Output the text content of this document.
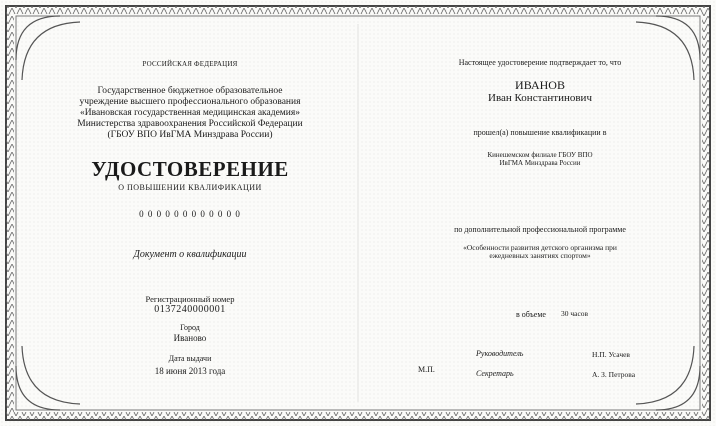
РОССИЙСКАЯ ФЕДЕРАЦИЯ
Государственное бюджетное образовательное
учреждение высшего профессионального образования
«Ивановская государственная медицинская академия»
Министерства здравоохранения Российской Федерации
(ГБОУ ВПО ИвГМА Минздрава России)
УДОСТОВЕРЕНИЕ
О ПОВЫШЕНИИ КВАЛИФИКАЦИИ
0 0 0 0 0 0 0 0 0 0 0 0
Документ о квалификации
Регистрационный номер
0137240000001
Город
Иваново
Дата выдачи
18 июня 2013 года
Настоящее удостоверение подтверждает то, что
ИВАНОВ
Иван Константинович
прошел(а) повышение квалификации в
Кинешемском филиале ГБОУ ВПО
ИвГМА Минздрава России
по дополнительной профессиональной программе
«Особенности развития детского организма при
ежедневных занятиях спортом»
в объеме 30 часов
М.П.
Руководитель	Н.П. Усачев
Секретарь	А. З. Петрова
